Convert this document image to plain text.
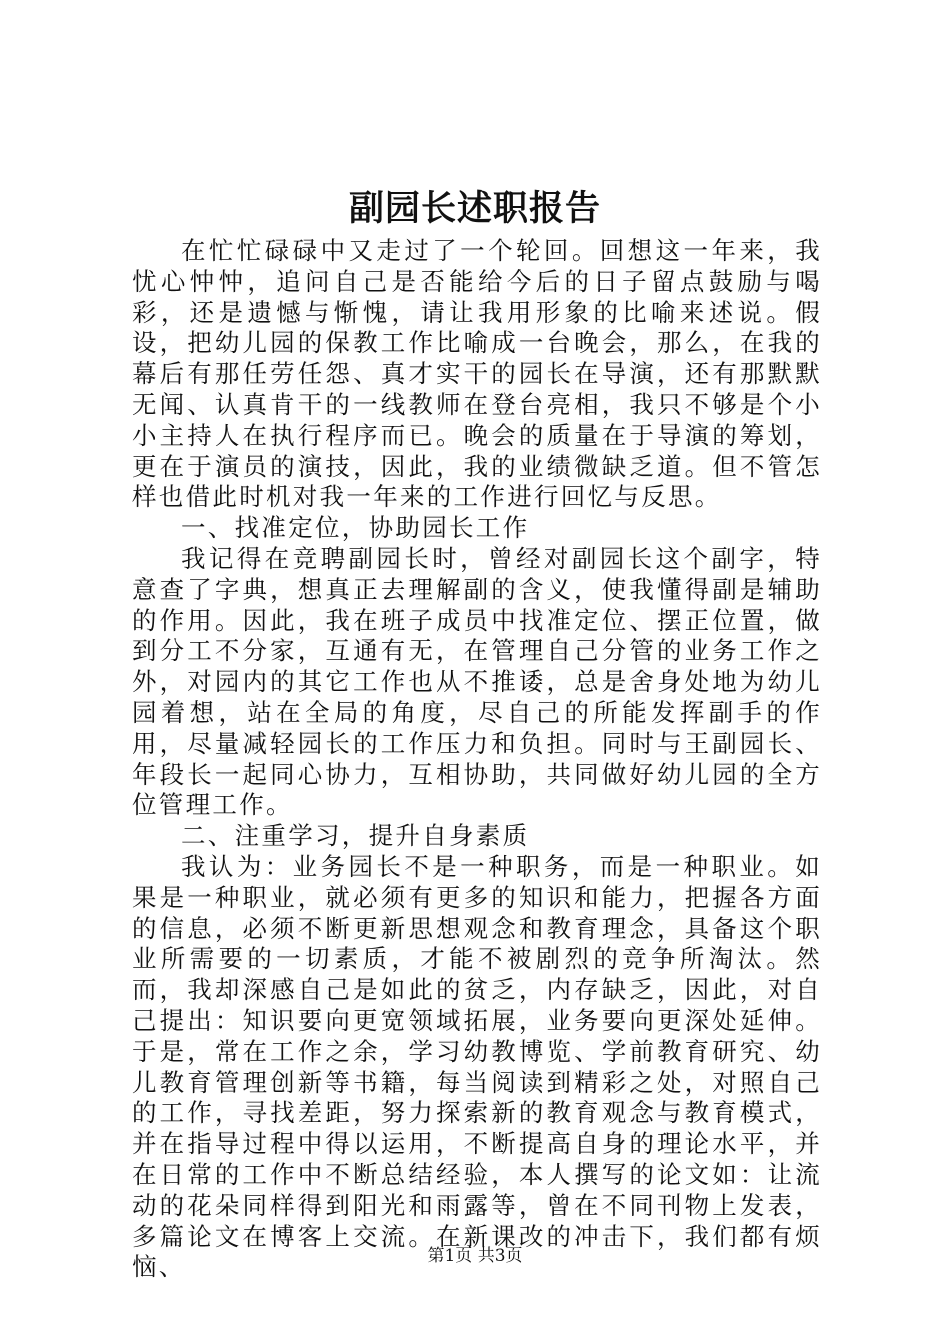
副园长述职报告

在忙忙碌碌中又走过了一个轮回。回想这一年来，我忧心忡忡，追问自己是否能给今后的日子留点鼓励与喝彩，还是遗憾与惭愧，请让我用形象的比喻来述说。假设，把幼儿园的保教工作比喻成一台晚会，那么，在我的幕后有那任劳任怨、真才实干的园长在导演，还有那默默无闻、认真肯干的一线教师在登台亮相，我只不够是个小小主持人在执行程序而已。晚会的质量在于导演的筹划，更在于演员的演技，因此，我的业绩微缺乏道。但不管怎样也借此时机对我一年来的工作进行回忆与反思。

一、找准定位，协助园长工作

我记得在竞聘副园长时，曾经对副园长这个副字，特意查了字典，想真正去理解副的含义，使我懂得副是辅助的作用。因此，我在班子成员中找准定位、摆正位置，做到分工不分家，互通有无，在管理自己分管的业务工作之外，对园内的其它工作也从不推诿，总是舍身处地为幼儿园着想，站在全局的角度，尽自己的所能发挥副手的作用，尽量减轻园长的工作压力和负担。同时与王副园长、年段长一起同心协力，互相协助，共同做好幼儿园的全方位管理工作。

二、注重学习，提升自身素质

我认为：业务园长不是一种职务，而是一种职业。如果是一种职业，就必须有更多的知识和能力，把握各方面的信息，必须不断更新思想观念和教育理念，具备这个职业所需要的一切素质，才能不被剧烈的竞争所淘汰。然而，我却深感自己是如此的贫乏，内存缺乏，因此，对自己提出：知识要向更宽领域拓展，业务要向更深处延伸。于是，常在工作之余，学习幼教博览、学前教育研究、幼儿教育管理创新等书籍，每当阅读到精彩之处，对照自己的工作，寻找差距，努力探索新的教育观念与教育模式，并在指导过程中得以运用，不断提高自身的理论水平，并在日常的工作中不断总结经验，本人撰写的论文如：让流动的花朵同样得到阳光和雨露等，曾在不同刊物上发表，多篇论文在博客上交流。在新课改的冲击下，我们都有烦恼、	第1页 共3页
